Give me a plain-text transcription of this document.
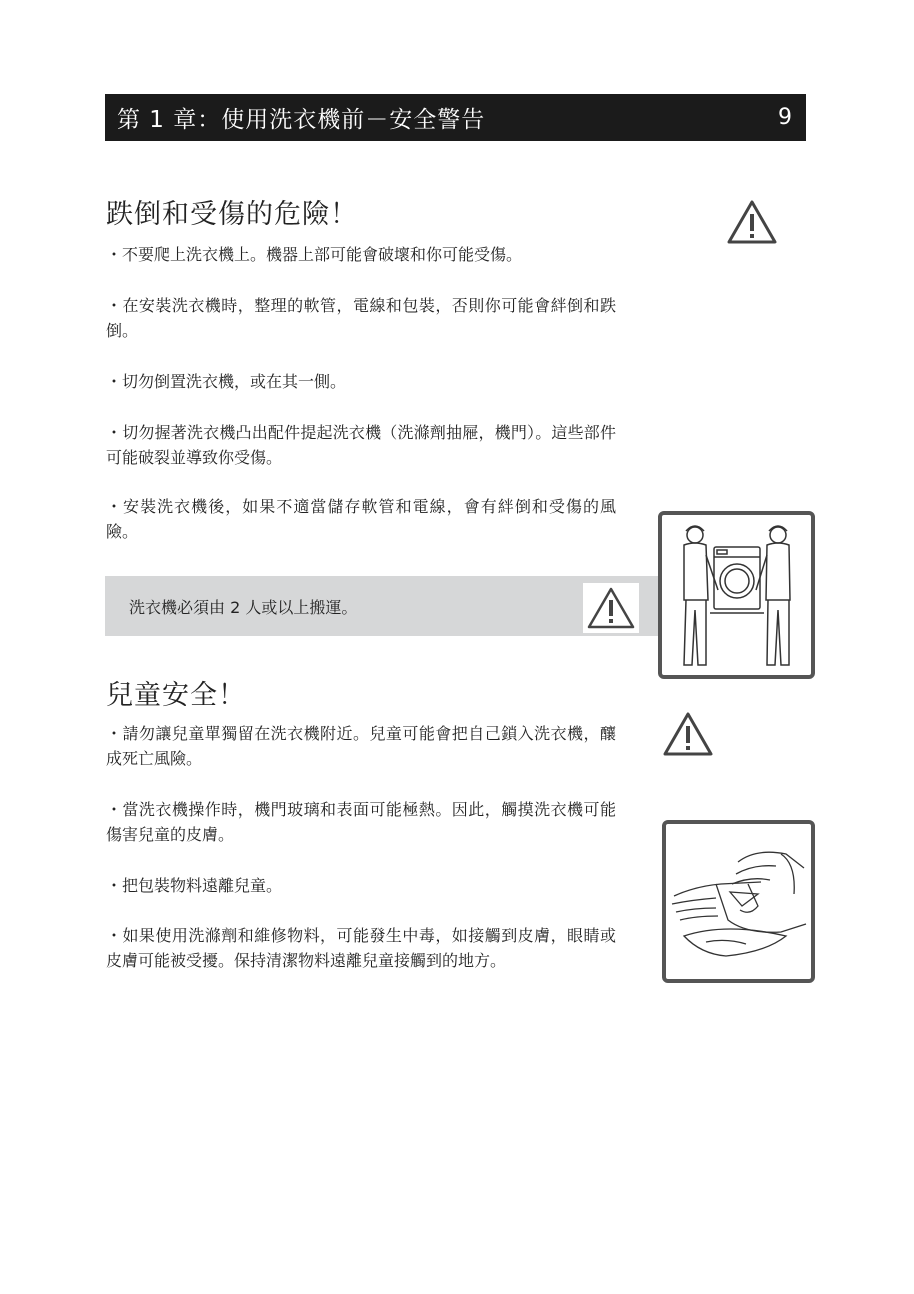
第 1 章：使用洗衣機前－安全警告	9
跌倒和受傷的危險！

・不要爬上洗衣機上。機器上部可能會破壞和你可能受傷。

・在安裝洗衣機時，整理的軟管，電線和包裝，否則你可能會絆倒和跌倒。

・切勿倒置洗衣機，或在其一側。

・切勿握著洗衣機凸出配件提起洗衣機（洗滌劑抽屜，機門）。這些部件可能破裂並導致你受傷。

・安裝洗衣機後，如果不適當儲存軟管和電線，會有絆倒和受傷的風險。

洗衣機必須由 2 人或以上搬運。
兒童安全！

・請勿讓兒童單獨留在洗衣機附近。兒童可能會把自己鎖入洗衣機，釀成死亡風險。

・當洗衣機操作時，機門玻璃和表面可能極熱。因此，觸摸洗衣機可能傷害兒童的皮膚。

・把包裝物料遠離兒童。

・如果使用洗滌劑和維修物料，可能發生中毒，如接觸到皮膚，眼睛或皮膚可能被受擾。保持清潔物料遠離兒童接觸到的地方。
